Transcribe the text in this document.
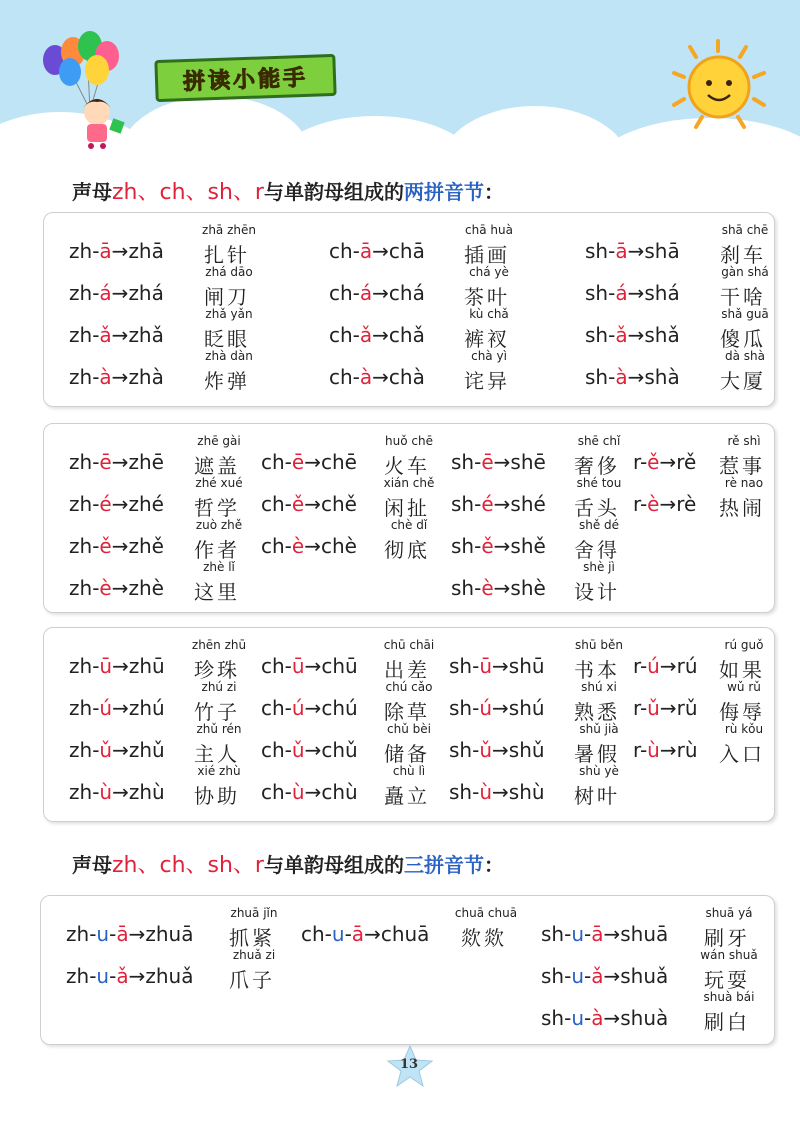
拼读小能手
声母zh、ch、sh、r与单韵母组成的两拼音节：
zh-ā→zhā
zhā zhēn
扎针
zh-á→zhá
zhá dāo
闸刀
zh-ǎ→zhǎ
zhǎ yǎn
眨眼
zh-à→zhà
zhà dàn
炸弹
ch-ā→chā
chā huà
插画
ch-á→chá
chá yè
茶叶
ch-ǎ→chǎ
kù chǎ
裤衩
ch-à→chà
chà yì
诧异
sh-ā→shā
shā chē
刹车
sh-á→shá
gàn shá
干啥
sh-ǎ→shǎ
shǎ guā
傻瓜
sh-à→shà
dà shà
大厦
zh-ē→zhē
zhē gài
遮盖
zh-é→zhé
zhé xué
哲学
zh-ě→zhě
zuò zhě
作者
zh-è→zhè
zhè lǐ
这里
ch-ē→chē
huǒ chē
火车
ch-ě→chě
xián chě
闲扯
ch-è→chè
chè dǐ
彻底
sh-ē→shē
shē chǐ
奢侈
sh-é→shé
shé tou
舌头
sh-ě→shě
shě dé
舍得
sh-è→shè
shè jì
设计
r-ě→rě
rě shì
惹事
r-è→rè
rè nao
热闹
zh-ū→zhū
zhēn zhū
珍珠
zh-ú→zhú
zhú zi
竹子
zh-ǔ→zhǔ
zhǔ rén
主人
zh-ù→zhù
xié zhù
协助
ch-ū→chū
chū chāi
出差
ch-ú→chú
chú cǎo
除草
ch-ǔ→chǔ
chǔ bèi
储备
ch-ù→chù
chù lì
矗立
sh-ū→shū
shū běn
书本
sh-ú→shú
shú xi
熟悉
sh-ǔ→shǔ
shǔ jià
暑假
sh-ù→shù
shù yè
树叶
r-ú→rú
rú guǒ
如果
r-ǔ→rǔ
wǔ rǔ
侮辱
r-ù→rù
rù kǒu
入口
声母zh、ch、sh、r与单韵母组成的三拼音节：
zh-u-ā→zhuā
zhuā jǐn
抓紧
zh-u-ǎ→zhuǎ
zhuǎ zi
爪子
ch-u-ā→chuā
chuā chuā
欻欻 sh-u-ā→shuā
shuā yá
刷牙
sh-u-ǎ→shuǎ
wán shuǎ
玩耍
sh-u-à→shuà
shuà bái
刷白
13
